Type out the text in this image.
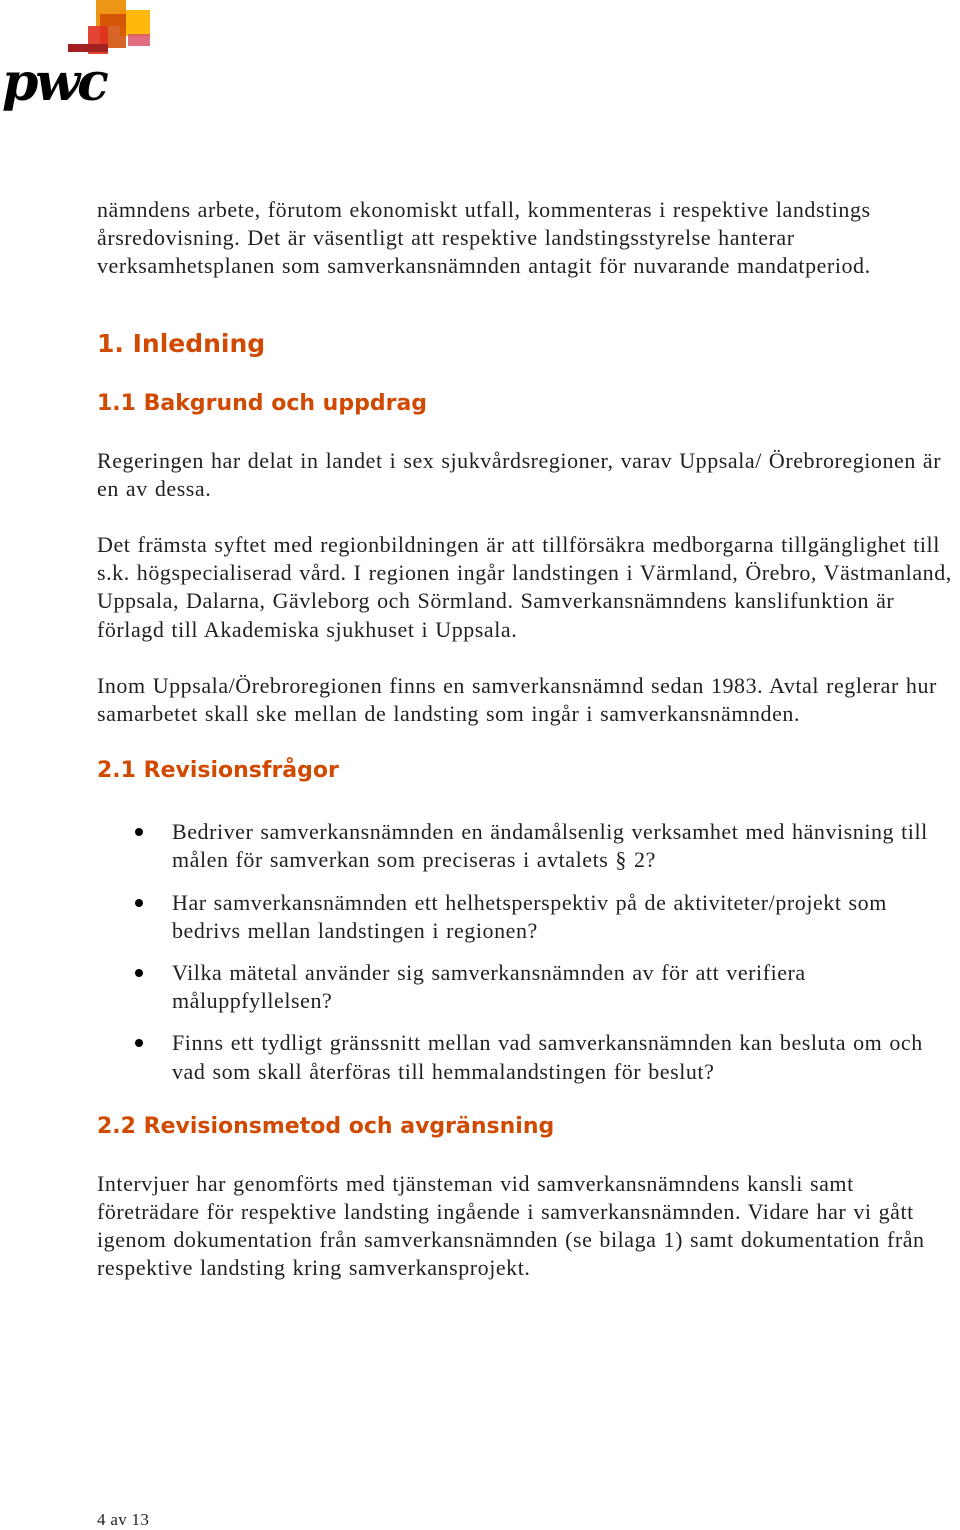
pwc

nämndens arbete, förutom ekonomiskt utfall, kommenteras i respektive landstings årsredovisning. Det är väsentligt att respektive landstingsstyrelse hanterar verksamhetsplanen som samverkansnämnden antagit för nuvarande mandatperiod.

1. Inledning
1.1 Bakgrund och uppdrag

Regeringen har delat in landet i sex sjukvårdsregioner, varav Uppsala/ Örebroregionen är en av dessa.

Det främsta syftet med regionbildningen är att tillförsäkra medborgarna tillgänglighet till s.k. högspecialiserad vård. I regionen ingår landstingen i Värmland, Örebro, Västmanland, Uppsala, Dalarna, Gävleborg och Sörmland. Samverkansnämndens kanslifunktion är förlagd till Akademiska sjukhuset i Uppsala.

Inom Uppsala/Örebroregionen finns en samverkansnämnd sedan 1983. Avtal reglerar hur samarbetet skall ske mellan de landsting som ingår i samverkansnämnden.

2.1 Revisionsfrågor
Bedriver samverkansnämnden en ändamålsenlig verksamhet med hänvisning till målen för samverkan som preciseras i avtalets § 2?
Har samverkansnämnden ett helhetsperspektiv på de aktiviteter/projekt som bedrivs mellan landstingen i regionen?
Vilka mätetal använder sig samverkansnämnden av för att verifiera måluppfyllelsen?
Finns ett tydligt gränssnitt mellan vad samverkansnämnden kan besluta om och vad som skall återföras till hemmalandstingen för beslut?
2.2 Revisionsmetod och avgränsning

Intervjuer har genomförts med tjänsteman vid samverkansnämndens kansli samt företrädare för respektive landsting ingående i samverkansnämnden. Vidare har vi gått igenom dokumentation från samverkansnämnden (se bilaga 1) samt dokumentation från respektive landsting kring samverkansprojekt.

4 av 13
